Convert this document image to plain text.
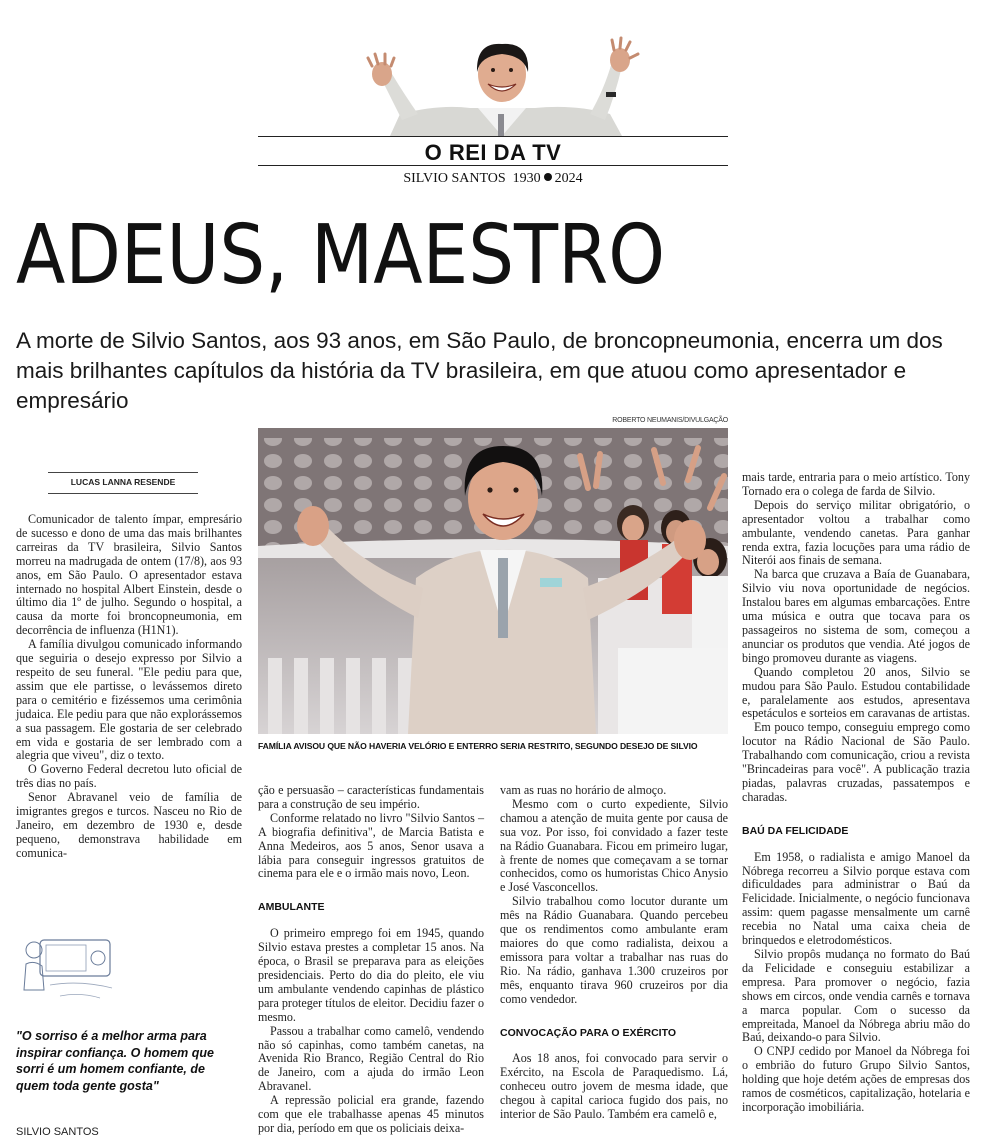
O REI DA TV
SILVIO SANTOS 1930 2024
ADEUS, MAESTRO

A morte de Silvio Santos, aos 93 anos, em São Paulo, de broncopneumonia, encerra um dos mais brilhantes capítulos da história da TV brasileira, em que atuou como apresentador e empresário

ROBERTO NEUMANIS/DIVULGAÇÃO
FAMÍLIA AVISOU QUE NÃO HAVERIA VELÓRIO E ENTERRO SERIA RESTRITO, SEGUNDO DESEJO DE SILVIO
LUCAS LANNA RESENDE

Comunicador de talento ímpar, empresário de sucesso e dono de uma das mais brilhantes carreiras da TV brasileira, Silvio Santos morreu na madrugada de ontem (17/8), aos 93 anos, em São Paulo. O apresentador estava internado no hospital Albert Einstein, desde o último dia 1º de julho. Segundo o hospital, a causa da morte foi broncopneumonia, em decorrência de influenza (H1N1).

A família divulgou comunicado informando que seguiria o desejo expresso por Silvio a respeito de seu funeral. "Ele pediu para que, assim que ele partisse, o levássemos direto para o cemitério e fizéssemos uma cerimônia judaica. Ele pediu para que não explorássemos a sua passagem. Ele gostaria de ser celebrado em vida e gostaria de ser lembrado com a alegria que viveu", diz o texto.

O Governo Federal decretou luto oficial de três dias no país.

Senor Abravanel veio de família de imigrantes gregos e turcos. Nasceu no Rio de Janeiro, em dezembro de 1930 e, desde pequeno, demonstrava habilidade em comunica-

"O sorriso é a melhor arma para inspirar confiança. O homem que sorri é um homem confiante, de quem toda gente gosta"
SILVIO SANTOS

ção e persuasão – características fundamentais para a construção de seu império.

Conforme relatado no livro "Silvio Santos – A biografia definitiva", de Marcia Batista e Anna Medeiros, aos 5 anos, Senor usava a lábia para conseguir ingressos gratuitos de cinema para ele e o irmão mais novo, Leon.

AMBULANTE

O primeiro emprego foi em 1945, quando Silvio estava prestes a completar 15 anos. Na época, o Brasil se preparava para as eleições presidenciais. Perto do dia do pleito, ele viu um ambulante vendendo capinhas de plástico para proteger títulos de eleitor. Decidiu fazer o mesmo.

Passou a trabalhar como camelô, vendendo não só capinhas, como também canetas, na Avenida Rio Branco, Região Central do Rio de Janeiro, com a ajuda do irmão Leon Abravanel.

A repressão policial era grande, fazendo com que ele trabalhasse apenas 45 minutos por dia, período em que os policiais deixa-

vam as ruas no horário de almoço.

Mesmo com o curto expediente, Silvio chamou a atenção de muita gente por causa de sua voz. Por isso, foi convidado a fazer teste na Rádio Guanabara. Ficou em primeiro lugar, à frente de nomes que começavam a se tornar conhecidos, como os humoristas Chico Anysio e José Vasconcellos.

Silvio trabalhou como locutor durante um mês na Rádio Guanabara. Quando percebeu que os rendimentos como ambulante eram maiores do que como radialista, deixou a emissora para voltar a trabalhar nas ruas do Rio. Na rádio, ganhava 1.300 cruzeiros por mês, enquanto tirava 960 cruzeiros por dia como vendedor.

CONVOCAÇÃO PARA O EXÉRCITO

Aos 18 anos, foi convocado para servir o Exército, na Escola de Paraquedismo. Lá, conheceu outro jovem de mesma idade, que chegou à capital carioca fugido dos pais, no interior de São Paulo. Também era camelô e,

mais tarde, entraria para o meio artístico. Tony Tornado era o colega de farda de Silvio.

Depois do serviço militar obrigatório, o apresentador voltou a trabalhar como ambulante, vendendo canetas. Para ganhar renda extra, fazia locuções para uma rádio de Niterói aos finais de semana.

Na barca que cruzava a Baía de Guanabara, Silvio viu nova oportunidade de negócios. Instalou bares em algumas embarcações. Entre uma música e outra que tocava para os passageiros no sistema de som, começou a anunciar os produtos que vendia. Até jogos de bingo promoveu durante as viagens.

Quando completou 20 anos, Silvio se mudou para São Paulo. Estudou contabilidade e, paralelamente aos estudos, apresentava espetáculos e sorteios em caravanas de artistas.

Em pouco tempo, conseguiu emprego como locutor na Rádio Nacional de São Paulo. Trabalhando com comunicação, criou a revista "Brincadeiras para você". A publicação trazia piadas, palavras cruzadas, passatempos e charadas.

BAÚ DA FELICIDADE

Em 1958, o radialista e amigo Manoel da Nóbrega recorreu a Silvio porque estava com dificuldades para administrar o Baú da Felicidade. Inicialmente, o negócio funcionava assim: quem pagasse mensalmente um carnê recebia no Natal uma caixa cheia de brinquedos e eletrodomésticos.

Silvio propôs mudança no formato do Baú da Felicidade e conseguiu estabilizar a empresa. Para promover o negócio, fazia shows em circos, onde vendia carnês e tornava a marca popular. Com o sucesso da empreitada, Manoel da Nóbrega abriu mão do Baú, deixando-o para Silvio.

O CNPJ cedido por Manoel da Nóbrega foi o embrião do futuro Grupo Silvio Santos, holding que hoje detém ações de empresas dos ramos de cosméticos, capitalização, hotelaria e incorporação imobiliária.
